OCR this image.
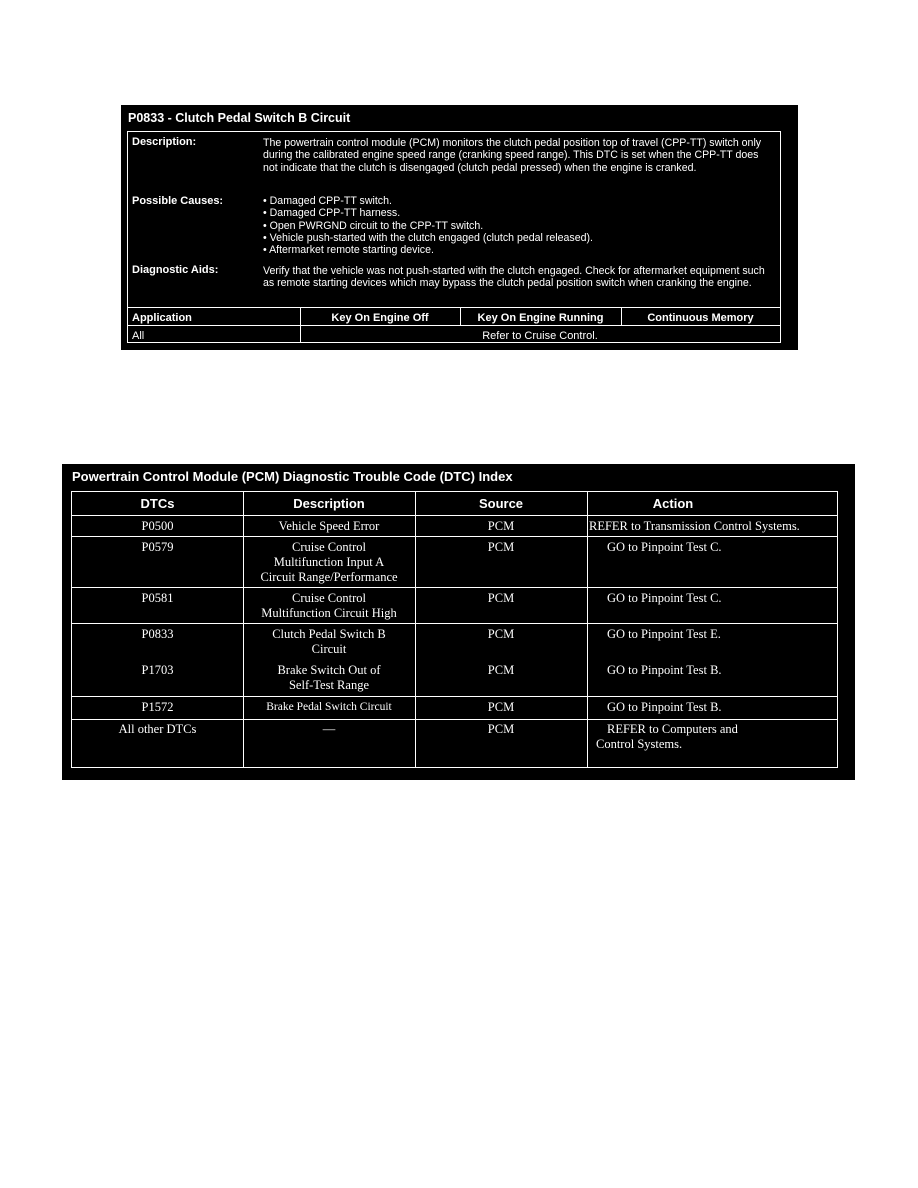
P0833 - Clutch Pedal Switch B Circuit
Description:	The powertrain control module (PCM) monitors the clutch pedal position top of travel (CPP-TT) switch only during the calibrated engine speed range (cranking speed range). This DTC is set when the CPP-TT does not indicate that the clutch is disengaged (clutch pedal pressed) when the engine is cranked.
Possible Causes:
•	Damaged CPP-TT switch.
• Damaged CPP-TT harness.
• Open PWRGND circuit to the CPP-TT switch.
• Vehicle push-started with the clutch engaged (clutch pedal released).
• Aftermarket remote starting device.
Diagnostic Aids:	Verify that the vehicle was not push-started with the clutch engaged. Check for aftermarket equipment such as remote starting devices which may bypass the clutch pedal position switch when cranking the engine.
Application	Key On Engine Off	Key On Engine Running	Continuous Memory
All	Refer to Cruise Control.
Powertrain Control Module (PCM) Diagnostic Trouble Code (DTC) Index
DTCs	Description	Source	Action
P0500	Vehicle Speed Error	PCM	REFER to Transmission Control Systems.
P0579	Cruise Control
Multifunction Input A
Circuit Range/Performance
PCM	GO to Pinpoint Test C.
P0581	Cruise Control
Multifunction Circuit High
PCM	GO to Pinpoint Test C.
P0833	Clutch Pedal Switch B
Circuit
PCM	GO to Pinpoint Test E.
P1703	Brake Switch Out of
Self-Test Range
PCM	GO to Pinpoint Test B.
P1572	Brake Pedal Switch Circuit	PCM	GO to Pinpoint Test B.
All other DTCs	—	PCM	REFER to Computers and
Control Systems.
